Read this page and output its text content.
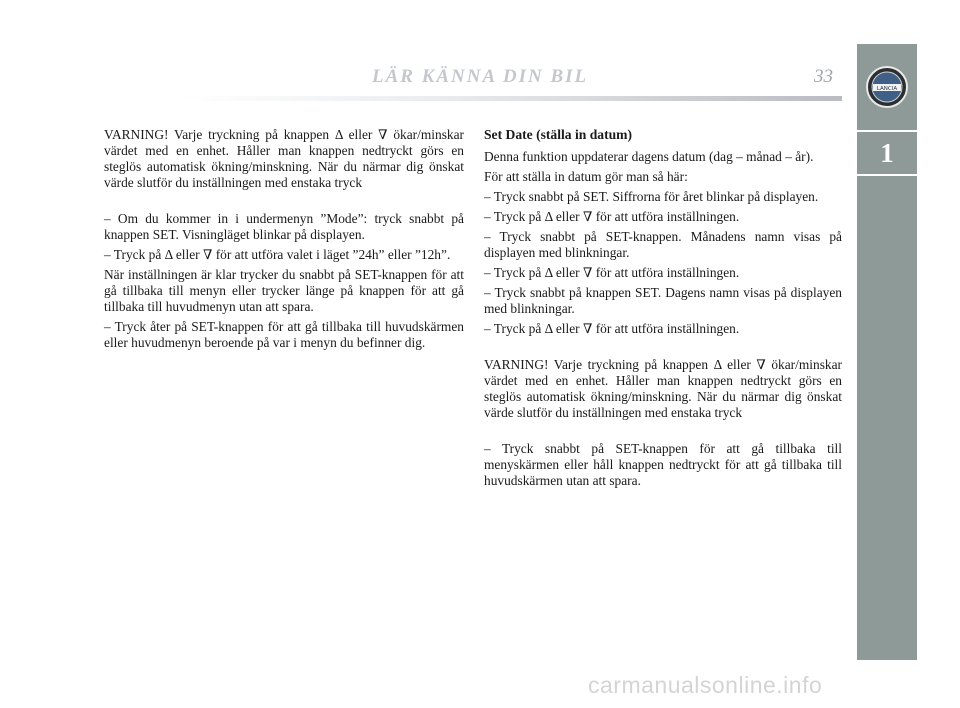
LÄR KÄNNA DIN BIL	33
LANCIA
1

VARNING! Varje tryckning på knappen Δ eller ∇ ökar/minskar värdet med en enhet. Håller man knappen nedtryckt görs en steglös automatisk ökning/minskning. När du närmar dig önskat värde slutför du inställningen med enstaka tryck

– Om du kommer in i undermenyn ”Mode”: tryck snabbt på knappen SET. Visningläget blinkar på displayen.

– Tryck på Δ eller ∇ för att utföra valet i läget ”24h” eller ”12h”.

När inställningen är klar trycker du snabbt på SET-knappen för att gå tillbaka till menyn eller trycker länge på knappen för att gå tillbaka till huvudmenyn utan att spara.

– Tryck åter på SET-knappen för att gå tillbaka till huvudskärmen eller huvudmenyn beroende på var i menyn du befinner dig.

Set Date (ställa in datum)

Denna funktion uppdaterar dagens datum (dag – månad – år).

För att ställa in datum gör man så här:

– Tryck snabbt på SET. Siffrorna för året blinkar på displayen.

– Tryck på Δ eller ∇ för att utföra inställningen.

– Tryck snabbt på SET-knappen. Månadens namn visas på displayen med blinkningar.

– Tryck på Δ eller ∇ för att utföra inställningen.

– Tryck snabbt på knappen SET. Dagens namn visas på displayen med blinkningar.

– Tryck på Δ eller ∇ för att utföra inställningen.

VARNING! Varje tryckning på knappen Δ eller ∇ ökar/minskar värdet med en enhet. Håller man knappen nedtryckt görs en steglös automatisk ökning/minskning. När du närmar dig önskat värde slutför du inställningen med enstaka tryck

– Tryck snabbt på SET-knappen för att gå tillbaka till menyskärmen eller håll knappen nedtryckt för att gå tillbaka till huvudskärmen utan att spara.

carmanualsonline.info
